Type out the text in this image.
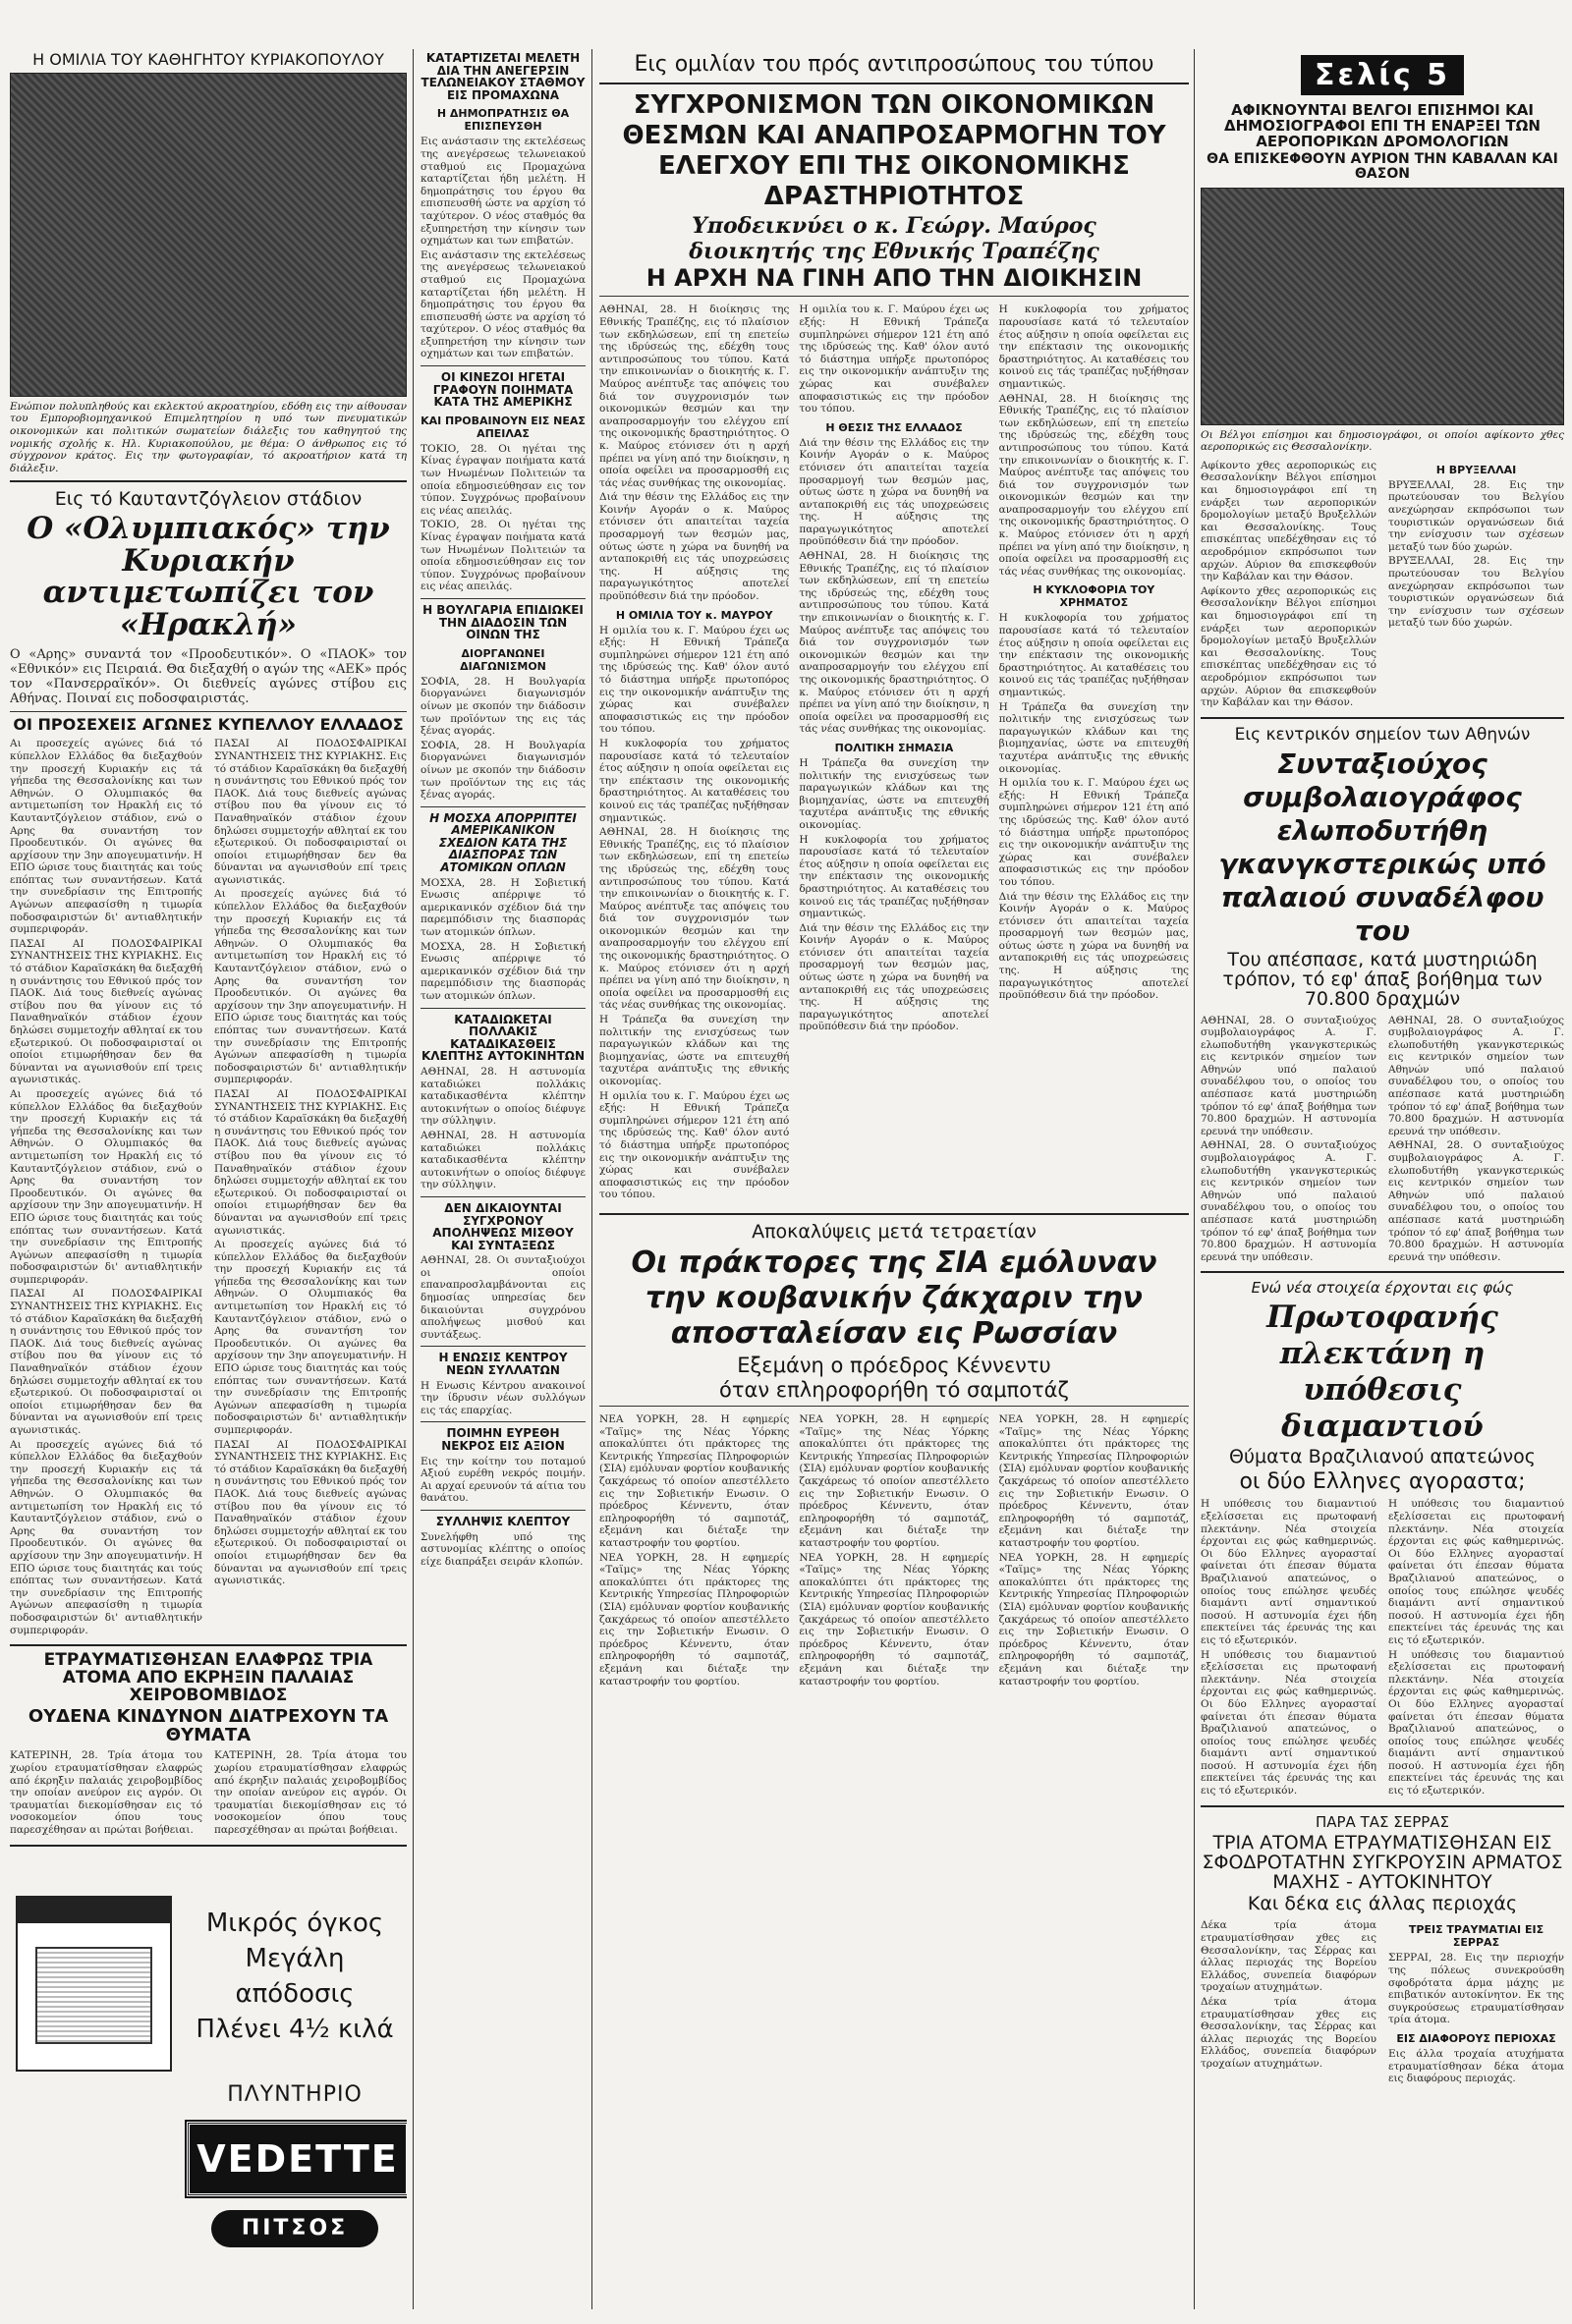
Η ΟΜΙΛΙΑ ΤΟΥ ΚΑΘΗΓΗΤΟΥ ΚΥΡΙΑΚΟΠΟΥΛΟΥ
Ενώπιον πολυπληθούς και εκλεκτού ακροατηρίου, εδόθη εις την αίθουσαν του Εμποροβιομηχανικού Επιμελητηρίου η υπό των πνευματικών οικονομικών και πολιτικών σωματείων διάλεξις του καθηγητού της νομικής σχολής κ. Ηλ. Κυριακοπούλου, με θέμα: Ο άνθρωπος εις τό σύγχρονον κράτος. Εις την φωτογραφίαν, τό ακροατήριον κατά τη διάλεξιν.
Εις τό Καυταντζόγλειον στάδιον
Ο «Ολυμπιακός» την Κυριακήν αντιμετωπίζει τον «Ηρακλή»
Ο «Αρης» συναντά τον «Προοδευτικόν». Ο «ΠΑΟΚ» τον «Εθνικόν» εις Πειραιά. Θα διεξαχθή ο αγών της «ΑΕΚ» πρός τον «Πανσερραϊκόν». Οι διεθνείς αγώνες στίβου εις Αθήνας. Ποιναί εις ποδοσφαιριστάς.
ΟΙ ΠΡΟΣΕΧΕΙΣ ΑΓΩΝΕΣ ΚΥΠΕΛΛΟΥ ΕΛΛΑΔΟΣ
Αι προσεχείς αγώνες διά τό κύπελλον Ελλάδος θα διεξαχθούν την προσεχή Κυριακήν εις τά γήπεδα της Θεσσαλονίκης και των Αθηνών. Ο Ολυμπιακός θα αντιμετωπίση τον Ηρακλή εις τό Καυταντζόγλειον στάδιον, ενώ ο Αρης θα συναντήση τον Προοδευτικόν. Οι αγώνες θα αρχίσουν την 3ην απογευματινήν. Η ΕΠΟ ώρισε τους διαιτητάς και τούς επόπτας των συναντήσεων. Κατά την συνεδρίασιν της Επιτροπής Αγώνων απεφασίσθη η τιμωρία ποδοσφαιριστών δι' αντιαθλητικήν συμπεριφοράν.
ΠΑΣΑΙ ΑΙ ΠΟΔΟΣΦΑΙΡΙΚΑΙ ΣΥΝΑΝΤΗΣΕΙΣ ΤΗΣ ΚΥΡΙΑΚΗΣ. Εις τό στάδιον Καραϊσκάκη θα διεξαχθή η συνάντησις του Εθνικού πρός τον ΠΑΟΚ. Διά τους διεθνείς αγώνας στίβου που θα γίνουν εις τό Παναθηναϊκόν στάδιον έχουν δηλώσει συμμετοχήν αθληταί εκ του εξωτερικού. Οι ποδοσφαιρισταί οι οποίοι ετιμωρήθησαν δεν θα δύνανται να αγωνισθούν επί τρεις αγωνιστικάς.
Αι προσεχείς αγώνες διά τό κύπελλον Ελλάδος θα διεξαχθούν την προσεχή Κυριακήν εις τά γήπεδα της Θεσσαλονίκης και των Αθηνών. Ο Ολυμπιακός θα αντιμετωπίση τον Ηρακλή εις τό Καυταντζόγλειον στάδιον, ενώ ο Αρης θα συναντήση τον Προοδευτικόν. Οι αγώνες θα αρχίσουν την 3ην απογευματινήν. Η ΕΠΟ ώρισε τους διαιτητάς και τούς επόπτας των συναντήσεων. Κατά την συνεδρίασιν της Επιτροπής Αγώνων απεφασίσθη η τιμωρία ποδοσφαιριστών δι' αντιαθλητικήν συμπεριφοράν.
ΠΑΣΑΙ ΑΙ ΠΟΔΟΣΦΑΙΡΙΚΑΙ ΣΥΝΑΝΤΗΣΕΙΣ ΤΗΣ ΚΥΡΙΑΚΗΣ. Εις τό στάδιον Καραϊσκάκη θα διεξαχθή η συνάντησις του Εθνικού πρός τον ΠΑΟΚ. Διά τους διεθνείς αγώνας στίβου που θα γίνουν εις τό Παναθηναϊκόν στάδιον έχουν δηλώσει συμμετοχήν αθληταί εκ του εξωτερικού. Οι ποδοσφαιρισταί οι οποίοι ετιμωρήθησαν δεν θα δύνανται να αγωνισθούν επί τρεις αγωνιστικάς.
Αι προσεχείς αγώνες διά τό κύπελλον Ελλάδος θα διεξαχθούν την προσεχή Κυριακήν εις τά γήπεδα της Θεσσαλονίκης και των Αθηνών. Ο Ολυμπιακός θα αντιμετωπίση τον Ηρακλή εις τό Καυταντζόγλειον στάδιον, ενώ ο Αρης θα συναντήση τον Προοδευτικόν. Οι αγώνες θα αρχίσουν την 3ην απογευματινήν. Η ΕΠΟ ώρισε τους διαιτητάς και τούς επόπτας των συναντήσεων. Κατά την συνεδρίασιν της Επιτροπής Αγώνων απεφασίσθη η τιμωρία ποδοσφαιριστών δι' αντιαθλητικήν συμπεριφοράν.
ΠΑΣΑΙ ΑΙ ΠΟΔΟΣΦΑΙΡΙΚΑΙ ΣΥΝΑΝΤΗΣΕΙΣ ΤΗΣ ΚΥΡΙΑΚΗΣ. Εις τό στάδιον Καραϊσκάκη θα διεξαχθή η συνάντησις του Εθνικού πρός τον ΠΑΟΚ. Διά τους διεθνείς αγώνας στίβου που θα γίνουν εις τό Παναθηναϊκόν στάδιον έχουν δηλώσει συμμετοχήν αθληταί εκ του εξωτερικού. Οι ποδοσφαιρισταί οι οποίοι ετιμωρήθησαν δεν θα δύνανται να αγωνισθούν επί τρεις αγωνιστικάς.
Αι προσεχείς αγώνες διά τό κύπελλον Ελλάδος θα διεξαχθούν την προσεχή Κυριακήν εις τά γήπεδα της Θεσσαλονίκης και των Αθηνών. Ο Ολυμπιακός θα αντιμετωπίση τον Ηρακλή εις τό Καυταντζόγλειον στάδιον, ενώ ο Αρης θα συναντήση τον Προοδευτικόν. Οι αγώνες θα αρχίσουν την 3ην απογευματινήν. Η ΕΠΟ ώρισε τους διαιτητάς και τούς επόπτας των συναντήσεων. Κατά την συνεδρίασιν της Επιτροπής Αγώνων απεφασίσθη η τιμωρία ποδοσφαιριστών δι' αντιαθλητικήν συμπεριφοράν.
ΠΑΣΑΙ ΑΙ ΠΟΔΟΣΦΑΙΡΙΚΑΙ ΣΥΝΑΝΤΗΣΕΙΣ ΤΗΣ ΚΥΡΙΑΚΗΣ. Εις τό στάδιον Καραϊσκάκη θα διεξαχθή η συνάντησις του Εθνικού πρός τον ΠΑΟΚ. Διά τους διεθνείς αγώνας στίβου που θα γίνουν εις τό Παναθηναϊκόν στάδιον έχουν δηλώσει συμμετοχήν αθληταί εκ του εξωτερικού. Οι ποδοσφαιρισταί οι οποίοι ετιμωρήθησαν δεν θα δύνανται να αγωνισθούν επί τρεις αγωνιστικάς.
Αι προσεχείς αγώνες διά τό κύπελλον Ελλάδος θα διεξαχθούν την προσεχή Κυριακήν εις τά γήπεδα της Θεσσαλονίκης και των Αθηνών. Ο Ολυμπιακός θα αντιμετωπίση τον Ηρακλή εις τό Καυταντζόγλειον στάδιον, ενώ ο Αρης θα συναντήση τον Προοδευτικόν. Οι αγώνες θα αρχίσουν την 3ην απογευματινήν. Η ΕΠΟ ώρισε τους διαιτητάς και τούς επόπτας των συναντήσεων. Κατά την συνεδρίασιν της Επιτροπής Αγώνων απεφασίσθη η τιμωρία ποδοσφαιριστών δι' αντιαθλητικήν συμπεριφοράν.
ΠΑΣΑΙ ΑΙ ΠΟΔΟΣΦΑΙΡΙΚΑΙ ΣΥΝΑΝΤΗΣΕΙΣ ΤΗΣ ΚΥΡΙΑΚΗΣ. Εις τό στάδιον Καραϊσκάκη θα διεξαχθή η συνάντησις του Εθνικού πρός τον ΠΑΟΚ. Διά τους διεθνείς αγώνας στίβου που θα γίνουν εις τό Παναθηναϊκόν στάδιον έχουν δηλώσει συμμετοχήν αθληταί εκ του εξωτερικού. Οι ποδοσφαιρισταί οι οποίοι ετιμωρήθησαν δεν θα δύνανται να αγωνισθούν επί τρεις αγωνιστικάς.
ΕΤΡΑΥΜΑΤΙΣΘΗΣΑΝ ΕΛΑΦΡΩΣ ΤΡΙΑ ΑΤΟΜΑ ΑΠΟ ΕΚΡΗΞΙΝ ΠΑΛΑΙΑΣ ΧΕΙΡΟΒΟΜΒΙΔΟΣ
ΟΥΔΕΝΑ ΚΙΝΔΥΝΟΝ ΔΙΑΤΡΕΧΟΥΝ ΤΑ ΘΥΜΑΤΑ
ΚΑΤΕΡΙΝΗ, 28. Τρία άτομα του χωρίου ετραυματίσθησαν ελαφρώς από έκρηξιν παλαιάς χειροβομβίδος την οποίαν ανεύρον εις αγρόν. Οι τραυματίαι διεκομίσθησαν εις τό νοσοκομείον όπου τους παρεσχέθησαν αι πρώται βοήθειαι.
ΚΑΤΕΡΙΝΗ, 28. Τρία άτομα του χωρίου ετραυματίσθησαν ελαφρώς από έκρηξιν παλαιάς χειροβομβίδος την οποίαν ανεύρον εις αγρόν. Οι τραυματίαι διεκομίσθησαν εις τό νοσοκομείον όπου τους παρεσχέθησαν αι πρώται βοήθειαι.
Μικρός όγκος
Μεγάλη απόδοσις
Πλένει 4½ κιλά
ΠΛΥΝΤΗΡΙΟ
VEDETTE
ΠΙΤΣΟΣ
ΚΑΤΑΡΤΙΖΕΤΑΙ ΜΕΛΕΤΗ ΔΙΑ ΤΗΝ ΑΝΕΓΕΡΣΙΝ ΤΕΛΩΝΕΙΑΚΟΥ ΣΤΑΘΜΟΥ ΕΙΣ ΠΡΟΜΑΧΩΝΑ
Η ΔΗΜΟΠΡΑΤΗΣΙΣ ΘΑ ΕΠΙΣΠΕΥΣΘΗ
Εις ανάστασιν της εκτελέσεως της ανεγέρσεως τελωνειακού σταθμού εις Προμαχώνα καταρτίζεται ήδη μελέτη. Η δημοπράτησις του έργου θα επισπευσθή ώστε να αρχίση τό ταχύτερον. Ο νέος σταθμός θα εξυπηρετήση την κίνησιν των οχημάτων και των επιβατών.
Εις ανάστασιν της εκτελέσεως της ανεγέρσεως τελωνειακού σταθμού εις Προμαχώνα καταρτίζεται ήδη μελέτη. Η δημοπράτησις του έργου θα επισπευσθή ώστε να αρχίση τό ταχύτερον. Ο νέος σταθμός θα εξυπηρετήση την κίνησιν των οχημάτων και των επιβατών.
ΟΙ ΚΙΝΕΖΟΙ ΗΓΕΤΑΙ ΓΡΑΦΟΥΝ ΠΟΙΗΜΑΤΑ ΚΑΤΑ ΤΗΣ ΑΜΕΡΙΚΗΣ
ΚΑΙ ΠΡΟΒΑΙΝΟΥΝ ΕΙΣ ΝΕΑΣ ΑΠΕΙΛΑΣ
ΤΟΚΙΟ, 28. Οι ηγέται της Κίνας έγραψαν ποιήματα κατά των Ηνωμένων Πολιτειών τα οποία εδημοσιεύθησαν εις τον τύπον. Συγχρόνως προβαίνουν εις νέας απειλάς.
ΤΟΚΙΟ, 28. Οι ηγέται της Κίνας έγραψαν ποιήματα κατά των Ηνωμένων Πολιτειών τα οποία εδημοσιεύθησαν εις τον τύπον. Συγχρόνως προβαίνουν εις νέας απειλάς.
Η ΒΟΥΛΓΑΡΙΑ ΕΠΙΔΙΩΚΕΙ ΤΗΝ ΔΙΑΔΟΣΙΝ ΤΩΝ ΟΙΝΩΝ ΤΗΣ
ΔΙΟΡΓΑΝΩΝΕΙ ΔΙΑΓΩΝΙΣΜΟΝ
ΣΟΦΙΑ, 28. Η Βουλγαρία διοργανώνει διαγωνισμόν οίνων με σκοπόν την διάδοσιν των προϊόντων της εις τάς ξένας αγοράς.
ΣΟΦΙΑ, 28. Η Βουλγαρία διοργανώνει διαγωνισμόν οίνων με σκοπόν την διάδοσιν των προϊόντων της εις τάς ξένας αγοράς.
Η ΜΟΣΧΑ ΑΠΟΡΡΙΠΤΕΙ ΑΜΕΡΙΚΑΝΙΚΟΝ ΣΧΕΔΙΟΝ ΚΑΤΑ ΤΗΣ ΔΙΑΣΠΟΡΑΣ ΤΩΝ ΑΤΟΜΙΚΩΝ ΟΠΛΩΝ
ΜΟΣΧΑ, 28. Η Σοβιετική Ενωσις απέρριψε τό αμερικανικόν σχέδιον διά την παρεμπόδισιν της διασποράς των ατομικών όπλων.
ΜΟΣΧΑ, 28. Η Σοβιετική Ενωσις απέρριψε τό αμερικανικόν σχέδιον διά την παρεμπόδισιν της διασποράς των ατομικών όπλων.
ΚΑΤΑΔΙΩΚΕΤΑΙ ΠΟΛΛΑΚΙΣ ΚΑΤΑΔΙΚΑΣΘΕΙΣ ΚΛΕΠΤΗΣ ΑΥΤΟΚΙΝΗΤΩΝ
ΑΘΗΝΑΙ, 28. Η αστυνομία καταδιώκει πολλάκις καταδικασθέντα κλέπτην αυτοκινήτων ο οποίος διέφυγε την σύλληψιν.
ΑΘΗΝΑΙ, 28. Η αστυνομία καταδιώκει πολλάκις καταδικασθέντα κλέπτην αυτοκινήτων ο οποίος διέφυγε την σύλληψιν.
ΔΕΝ ΔΙΚΑΙΟΥΝΤΑΙ ΣΥΓΧΡΟΝΟΥ ΑΠΟΛΗΨΕΩΣ ΜΙΣΘΟΥ ΚΑΙ ΣΥΝΤΑΞΕΩΣ
ΑΘΗΝΑΙ, 28. Οι συνταξιούχοι οι οποίοι επαναπροσλαμβάνονται εις δημοσίας υπηρεσίας δεν δικαιούνται συγχρόνου απολήψεως μισθού και συντάξεως.
Η ΕΝΩΣΙΣ ΚΕΝΤΡΟΥ ΝΕΩΝ ΣΥΛΛΑΤΩΝ
Η Ενωσις Κέντρου ανακοινοί την ίδρυσιν νέων συλλόγων εις τάς επαρχίας.
ΠΟΙΜΗΝ ΕΥΡΕΘΗ ΝΕΚΡΟΣ ΕΙΣ ΑΞΙΟΝ
Εις την κοίτην του ποταμού Αξιού ευρέθη νεκρός ποιμήν. Αι αρχαί ερευνούν τά αίτια του θανάτου.
ΣΥΛΛΗΨΙΣ ΚΛΕΠΤΟΥ
Συνελήφθη υπό της αστυνομίας κλέπτης ο οποίος είχε διαπράξει σειράν κλοπών.
Εις ομιλίαν του πρός αντιπροσώπους του τύπου
ΣΥΓΧΡΟΝΙΣΜΟΝ ΤΩΝ ΟΙΚΟΝΟΜΙΚΩΝ ΘΕΣΜΩΝ ΚΑΙ ΑΝΑΠΡΟΣΑΡΜΟΓΗΝ ΤΟΥ ΕΛΕΓΧΟΥ ΕΠΙ ΤΗΣ ΟΙΚΟΝΟΜΙΚΗΣ ΔΡΑΣΤΗΡΙΟΤΗΤΟΣ
Υποδεικνύει ο κ. Γεώργ. Μαύρος
διοικητής της Εθνικής Τραπέζης
Η ΑΡΧΗ ΝΑ ΓΙΝΗ ΑΠΟ ΤΗΝ ΔΙΟΙΚΗΣΙΝ
ΑΘΗΝΑΙ, 28. Η διοίκησις της Εθνικής Τραπέζης, εις τό πλαίσιον των εκδηλώσεων, επί τη επετείω της ιδρύσεώς της, εδέχθη τους αντιπροσώπους του τύπου. Κατά την επικοινωνίαν ο διοικητής κ. Γ. Μαύρος ανέπτυξε τας απόψεις του διά τον συγχρονισμόν των οικονομικών θεσμών και την αναπροσαρμογήν του ελέγχου επί της οικονομικής δραστηριότητος. Ο κ. Μαύρος ετόνισεν ότι η αρχή πρέπει να γίνη από την διοίκησιν, η οποία οφείλει να προσαρμοσθή εις τάς νέας συνθήκας της οικονομίας.
Διά την θέσιν της Ελλάδος εις την Κοινήν Αγοράν ο κ. Μαύρος ετόνισεν ότι απαιτείται ταχεία προσαρμογή των θεσμών μας, ούτως ώστε η χώρα να δυνηθή να ανταποκριθή εις τάς υποχρεώσεις της. Η αύξησις της παραγωγικότητος αποτελεί προϋπόθεσιν διά την πρόοδον.
Η ΟΜΙΛΙΑ ΤΟΥ κ. ΜΑΥΡΟΥ
Η ομιλία του κ. Γ. Μαύρου έχει ως εξής: Η Εθνική Τράπεζα συμπληρώνει σήμερον 121 έτη από της ιδρύσεώς της. Καθ' όλον αυτό τό διάστημα υπήρξε πρωτοπόρος εις την οικονομικήν ανάπτυξιν της χώρας και συνέβαλεν αποφασιστικώς εις την πρόοδον του τόπου.
Η κυκλοφορία του χρήματος παρουσίασε κατά τό τελευταίον έτος αύξησιν η οποία οφείλεται εις την επέκτασιν της οικονομικής δραστηριότητος. Αι καταθέσεις του κοινού εις τάς τραπέζας ηυξήθησαν σημαντικώς.
ΑΘΗΝΑΙ, 28. Η διοίκησις της Εθνικής Τραπέζης, εις τό πλαίσιον των εκδηλώσεων, επί τη επετείω της ιδρύσεώς της, εδέχθη τους αντιπροσώπους του τύπου. Κατά την επικοινωνίαν ο διοικητής κ. Γ. Μαύρος ανέπτυξε τας απόψεις του διά τον συγχρονισμόν των οικονομικών θεσμών και την αναπροσαρμογήν του ελέγχου επί της οικονομικής δραστηριότητος. Ο κ. Μαύρος ετόνισεν ότι η αρχή πρέπει να γίνη από την διοίκησιν, η οποία οφείλει να προσαρμοσθή εις τάς νέας συνθήκας της οικονομίας.
Η Τράπεζα θα συνεχίση την πολιτικήν της ενισχύσεως των παραγωγικών κλάδων και της βιομηχανίας, ώστε να επιτευχθή ταχυτέρα ανάπτυξις της εθνικής οικονομίας.
Η ομιλία του κ. Γ. Μαύρου έχει ως εξής: Η Εθνική Τράπεζα συμπληρώνει σήμερον 121 έτη από της ιδρύσεώς της. Καθ' όλον αυτό τό διάστημα υπήρξε πρωτοπόρος εις την οικονομικήν ανάπτυξιν της χώρας και συνέβαλεν αποφασιστικώς εις την πρόοδον του τόπου.
Η ομιλία του κ. Γ. Μαύρου έχει ως εξής: Η Εθνική Τράπεζα συμπληρώνει σήμερον 121 έτη από της ιδρύσεώς της. Καθ' όλον αυτό τό διάστημα υπήρξε πρωτοπόρος εις την οικονομικήν ανάπτυξιν της χώρας και συνέβαλεν αποφασιστικώς εις την πρόοδον του τόπου.
Η ΘΕΣΙΣ ΤΗΣ ΕΛΛΑΔΟΣ
Διά την θέσιν της Ελλάδος εις την Κοινήν Αγοράν ο κ. Μαύρος ετόνισεν ότι απαιτείται ταχεία προσαρμογή των θεσμών μας, ούτως ώστε η χώρα να δυνηθή να ανταποκριθή εις τάς υποχρεώσεις της. Η αύξησις της παραγωγικότητος αποτελεί προϋπόθεσιν διά την πρόοδον.
ΑΘΗΝΑΙ, 28. Η διοίκησις της Εθνικής Τραπέζης, εις τό πλαίσιον των εκδηλώσεων, επί τη επετείω της ιδρύσεώς της, εδέχθη τους αντιπροσώπους του τύπου. Κατά την επικοινωνίαν ο διοικητής κ. Γ. Μαύρος ανέπτυξε τας απόψεις του διά τον συγχρονισμόν των οικονομικών θεσμών και την αναπροσαρμογήν του ελέγχου επί της οικονομικής δραστηριότητος. Ο κ. Μαύρος ετόνισεν ότι η αρχή πρέπει να γίνη από την διοίκησιν, η οποία οφείλει να προσαρμοσθή εις τάς νέας συνθήκας της οικονομίας.
ΠΟΛΙΤΙΚΗ ΣΗΜΑΣΙΑ
Η Τράπεζα θα συνεχίση την πολιτικήν της ενισχύσεως των παραγωγικών κλάδων και της βιομηχανίας, ώστε να επιτευχθή ταχυτέρα ανάπτυξις της εθνικής οικονομίας.
Η κυκλοφορία του χρήματος παρουσίασε κατά τό τελευταίον έτος αύξησιν η οποία οφείλεται εις την επέκτασιν της οικονομικής δραστηριότητος. Αι καταθέσεις του κοινού εις τάς τραπέζας ηυξήθησαν σημαντικώς.
Διά την θέσιν της Ελλάδος εις την Κοινήν Αγοράν ο κ. Μαύρος ετόνισεν ότι απαιτείται ταχεία προσαρμογή των θεσμών μας, ούτως ώστε η χώρα να δυνηθή να ανταποκριθή εις τάς υποχρεώσεις της. Η αύξησις της παραγωγικότητος αποτελεί προϋπόθεσιν διά την πρόοδον.
Η κυκλοφορία του χρήματος παρουσίασε κατά τό τελευταίον έτος αύξησιν η οποία οφείλεται εις την επέκτασιν της οικονομικής δραστηριότητος. Αι καταθέσεις του κοινού εις τάς τραπέζας ηυξήθησαν σημαντικώς.
ΑΘΗΝΑΙ, 28. Η διοίκησις της Εθνικής Τραπέζης, εις τό πλαίσιον των εκδηλώσεων, επί τη επετείω της ιδρύσεώς της, εδέχθη τους αντιπροσώπους του τύπου. Κατά την επικοινωνίαν ο διοικητής κ. Γ. Μαύρος ανέπτυξε τας απόψεις του διά τον συγχρονισμόν των οικονομικών θεσμών και την αναπροσαρμογήν του ελέγχου επί της οικονομικής δραστηριότητος. Ο κ. Μαύρος ετόνισεν ότι η αρχή πρέπει να γίνη από την διοίκησιν, η οποία οφείλει να προσαρμοσθή εις τάς νέας συνθήκας της οικονομίας.
Η ΚΥΚΛΟΦΟΡΙΑ ΤΟΥ ΧΡΗΜΑΤΟΣ
Η κυκλοφορία του χρήματος παρουσίασε κατά τό τελευταίον έτος αύξησιν η οποία οφείλεται εις την επέκτασιν της οικονομικής δραστηριότητος. Αι καταθέσεις του κοινού εις τάς τραπέζας ηυξήθησαν σημαντικώς.
Η Τράπεζα θα συνεχίση την πολιτικήν της ενισχύσεως των παραγωγικών κλάδων και της βιομηχανίας, ώστε να επιτευχθή ταχυτέρα ανάπτυξις της εθνικής οικονομίας.
Η ομιλία του κ. Γ. Μαύρου έχει ως εξής: Η Εθνική Τράπεζα συμπληρώνει σήμερον 121 έτη από της ιδρύσεώς της. Καθ' όλον αυτό τό διάστημα υπήρξε πρωτοπόρος εις την οικονομικήν ανάπτυξιν της χώρας και συνέβαλεν αποφασιστικώς εις την πρόοδον του τόπου.
Διά την θέσιν της Ελλάδος εις την Κοινήν Αγοράν ο κ. Μαύρος ετόνισεν ότι απαιτείται ταχεία προσαρμογή των θεσμών μας, ούτως ώστε η χώρα να δυνηθή να ανταποκριθή εις τάς υποχρεώσεις της. Η αύξησις της παραγωγικότητος αποτελεί προϋπόθεσιν διά την πρόοδον.
Αποκαλύψεις μετά τετραετίαν
Οι πράκτορες της ΣΙΑ εμόλυναν την κουβανικήν ζάκχαριν την αποσταλείσαν εις Ρωσσίαν
Εξεμάνη ο πρόεδρος Κέννεντυ
όταν επληροφορήθη τό σαμποτάζ
ΝΕΑ ΥΟΡΚΗ, 28. Η εφημερίς «Ταϊμς» της Νέας Υόρκης αποκαλύπτει ότι πράκτορες της Κεντρικής Υπηρεσίας Πληροφοριών (ΣΙΑ) εμόλυναν φορτίον κουβανικής ζακχάρεως τό οποίον απεστέλλετο εις την Σοβιετικήν Ενωσιν. Ο πρόεδρος Κέννεντυ, όταν επληροφορήθη τό σαμποτάζ, εξεμάνη και διέταξε την καταστροφήν του φορτίου.
ΝΕΑ ΥΟΡΚΗ, 28. Η εφημερίς «Ταϊμς» της Νέας Υόρκης αποκαλύπτει ότι πράκτορες της Κεντρικής Υπηρεσίας Πληροφοριών (ΣΙΑ) εμόλυναν φορτίον κουβανικής ζακχάρεως τό οποίον απεστέλλετο εις την Σοβιετικήν Ενωσιν. Ο πρόεδρος Κέννεντυ, όταν επληροφορήθη τό σαμποτάζ, εξεμάνη και διέταξε την καταστροφήν του φορτίου.
ΝΕΑ ΥΟΡΚΗ, 28. Η εφημερίς «Ταϊμς» της Νέας Υόρκης αποκαλύπτει ότι πράκτορες της Κεντρικής Υπηρεσίας Πληροφοριών (ΣΙΑ) εμόλυναν φορτίον κουβανικής ζακχάρεως τό οποίον απεστέλλετο εις την Σοβιετικήν Ενωσιν. Ο πρόεδρος Κέννεντυ, όταν επληροφορήθη τό σαμποτάζ, εξεμάνη και διέταξε την καταστροφήν του φορτίου.
ΝΕΑ ΥΟΡΚΗ, 28. Η εφημερίς «Ταϊμς» της Νέας Υόρκης αποκαλύπτει ότι πράκτορες της Κεντρικής Υπηρεσίας Πληροφοριών (ΣΙΑ) εμόλυναν φορτίον κουβανικής ζακχάρεως τό οποίον απεστέλλετο εις την Σοβιετικήν Ενωσιν. Ο πρόεδρος Κέννεντυ, όταν επληροφορήθη τό σαμποτάζ, εξεμάνη και διέταξε την καταστροφήν του φορτίου.
ΝΕΑ ΥΟΡΚΗ, 28. Η εφημερίς «Ταϊμς» της Νέας Υόρκης αποκαλύπτει ότι πράκτορες της Κεντρικής Υπηρεσίας Πληροφοριών (ΣΙΑ) εμόλυναν φορτίον κουβανικής ζακχάρεως τό οποίον απεστέλλετο εις την Σοβιετικήν Ενωσιν. Ο πρόεδρος Κέννεντυ, όταν επληροφορήθη τό σαμποτάζ, εξεμάνη και διέταξε την καταστροφήν του φορτίου.
ΝΕΑ ΥΟΡΚΗ, 28. Η εφημερίς «Ταϊμς» της Νέας Υόρκης αποκαλύπτει ότι πράκτορες της Κεντρικής Υπηρεσίας Πληροφοριών (ΣΙΑ) εμόλυναν φορτίον κουβανικής ζακχάρεως τό οποίον απεστέλλετο εις την Σοβιετικήν Ενωσιν. Ο πρόεδρος Κέννεντυ, όταν επληροφορήθη τό σαμποτάζ, εξεμάνη και διέταξε την καταστροφήν του φορτίου.
Σελίς 5
ΑΦΙΚΝΟΥΝΤΑΙ ΒΕΛΓΟΙ ΕΠΙΣΗΜΟΙ ΚΑΙ ΔΗΜΟΣΙΟΓΡΑΦΟΙ ΕΠΙ ΤΗ ΕΝΑΡΞΕΙ ΤΩΝ ΑΕΡΟΠΟΡΙΚΩΝ ΔΡΟΜΟΛΟΓΙΩΝ
ΘΑ ΕΠΙΣΚΕΦΘΟΥΝ ΑΥΡΙΟΝ ΤΗΝ ΚΑΒΑΛΑΝ ΚΑΙ ΘΑΣΟΝ
Οι Βέλγοι επίσημοι και δημοσιογράφοι, οι οποίοι αφίκοντο χθες αεροπορικώς εις Θεσσαλονίκην.
Αφίκοντο χθες αεροπορικώς εις Θεσσαλονίκην Βέλγοι επίσημοι και δημοσιογράφοι επί τη ενάρξει των αεροπορικών δρομολογίων μεταξύ Βρυξελλών και Θεσσαλονίκης. Τους επισκέπτας υπεδέχθησαν εις τό αεροδρόμιον εκπρόσωποι των αρχών. Αύριον θα επισκεφθούν την Καβάλαν και την Θάσον.
Αφίκοντο χθες αεροπορικώς εις Θεσσαλονίκην Βέλγοι επίσημοι και δημοσιογράφοι επί τη ενάρξει των αεροπορικών δρομολογίων μεταξύ Βρυξελλών και Θεσσαλονίκης. Τους επισκέπτας υπεδέχθησαν εις τό αεροδρόμιον εκπρόσωποι των αρχών. Αύριον θα επισκεφθούν την Καβάλαν και την Θάσον.
Η ΒΡΥΞΕΛΛΑΙ
ΒΡΥΞΕΛΛΑΙ, 28. Εις την πρωτεύουσαν του Βελγίου ανεχώρησαν εκπρόσωποι των τουριστικών οργανώσεων διά την ενίσχυσιν των σχέσεων μεταξύ των δύο χωρών.
ΒΡΥΞΕΛΛΑΙ, 28. Εις την πρωτεύουσαν του Βελγίου ανεχώρησαν εκπρόσωποι των τουριστικών οργανώσεων διά την ενίσχυσιν των σχέσεων μεταξύ των δύο χωρών.
Εις κεντρικόν σημείον των Αθηνών
Συνταξιούχος συμβολαιογράφος ελωποδυτήθη γκανγκστερικώς υπό παλαιού συναδέλφου του
Του απέσπασε, κατά μυστηριώδη τρόπον, τό εφ' άπαξ βοήθημα των 70.800 δραχμών
ΑΘΗΝΑΙ, 28. Ο συνταξιούχος συμβολαιογράφος Α. Γ. ελωποδυτήθη γκανγκστερικώς εις κεντρικόν σημείον των Αθηνών υπό παλαιού συναδέλφου του, ο οποίος του απέσπασε κατά μυστηριώδη τρόπον τό εφ' άπαξ βοήθημα των 70.800 δραχμών. Η αστυνομία ερευνά την υπόθεσιν.
ΑΘΗΝΑΙ, 28. Ο συνταξιούχος συμβολαιογράφος Α. Γ. ελωποδυτήθη γκανγκστερικώς εις κεντρικόν σημείον των Αθηνών υπό παλαιού συναδέλφου του, ο οποίος του απέσπασε κατά μυστηριώδη τρόπον τό εφ' άπαξ βοήθημα των 70.800 δραχμών. Η αστυνομία ερευνά την υπόθεσιν.
ΑΘΗΝΑΙ, 28. Ο συνταξιούχος συμβολαιογράφος Α. Γ. ελωποδυτήθη γκανγκστερικώς εις κεντρικόν σημείον των Αθηνών υπό παλαιού συναδέλφου του, ο οποίος του απέσπασε κατά μυστηριώδη τρόπον τό εφ' άπαξ βοήθημα των 70.800 δραχμών. Η αστυνομία ερευνά την υπόθεσιν.
ΑΘΗΝΑΙ, 28. Ο συνταξιούχος συμβολαιογράφος Α. Γ. ελωποδυτήθη γκανγκστερικώς εις κεντρικόν σημείον των Αθηνών υπό παλαιού συναδέλφου του, ο οποίος του απέσπασε κατά μυστηριώδη τρόπον τό εφ' άπαξ βοήθημα των 70.800 δραχμών. Η αστυνομία ερευνά την υπόθεσιν.
Ενώ νέα στοιχεία έρχονται εις φώς
Πρωτοφανής πλεκτάνη η υπόθεσις διαμαντιού
Θύματα Βραζιλιανού απατεώνος
οι δύο Ελληνες αγοραστα;
Η υπόθεσις του διαμαντιού εξελίσσεται εις πρωτοφανή πλεκτάνην. Νέα στοιχεία έρχονται εις φώς καθημερινώς. Οι δύο Ελληνες αγορασταί φαίνεται ότι έπεσαν θύματα Βραζιλιανού απατεώνος, ο οποίος τους επώλησε ψευδές διαμάντι αντί σημαντικού ποσού. Η αστυνομία έχει ήδη επεκτείνει τάς έρευνάς της και εις τό εξωτερικόν.
Η υπόθεσις του διαμαντιού εξελίσσεται εις πρωτοφανή πλεκτάνην. Νέα στοιχεία έρχονται εις φώς καθημερινώς. Οι δύο Ελληνες αγορασταί φαίνεται ότι έπεσαν θύματα Βραζιλιανού απατεώνος, ο οποίος τους επώλησε ψευδές διαμάντι αντί σημαντικού ποσού. Η αστυνομία έχει ήδη επεκτείνει τάς έρευνάς της και εις τό εξωτερικόν.
Η υπόθεσις του διαμαντιού εξελίσσεται εις πρωτοφανή πλεκτάνην. Νέα στοιχεία έρχονται εις φώς καθημερινώς. Οι δύο Ελληνες αγορασταί φαίνεται ότι έπεσαν θύματα Βραζιλιανού απατεώνος, ο οποίος τους επώλησε ψευδές διαμάντι αντί σημαντικού ποσού. Η αστυνομία έχει ήδη επεκτείνει τάς έρευνάς της και εις τό εξωτερικόν.
Η υπόθεσις του διαμαντιού εξελίσσεται εις πρωτοφανή πλεκτάνην. Νέα στοιχεία έρχονται εις φώς καθημερινώς. Οι δύο Ελληνες αγορασταί φαίνεται ότι έπεσαν θύματα Βραζιλιανού απατεώνος, ο οποίος τους επώλησε ψευδές διαμάντι αντί σημαντικού ποσού. Η αστυνομία έχει ήδη επεκτείνει τάς έρευνάς της και εις τό εξωτερικόν.
ΠΑΡΑ ΤΑΣ ΣΕΡΡΑΣ
ΤΡΙΑ ΑΤΟΜΑ ΕΤΡΑΥΜΑΤΙΣΘΗΣΑΝ ΕΙΣ ΣΦΟΔΡΟΤΑΤΗΝ ΣΥΓΚΡΟΥΣΙΝ ΑΡΜΑΤΟΣ ΜΑΧΗΣ - ΑΥΤΟΚΙΝΗΤΟΥ
Και δέκα εις άλλας περιοχάς
Δέκα τρία άτομα ετραυματίσθησαν χθες εις Θεσσαλονίκην, τας Σέρρας και άλλας περιοχάς της Βορείου Ελλάδος, συνεπεία διαφόρων τροχαίων ατυχημάτων.
Δέκα τρία άτομα ετραυματίσθησαν χθες εις Θεσσαλονίκην, τας Σέρρας και άλλας περιοχάς της Βορείου Ελλάδος, συνεπεία διαφόρων τροχαίων ατυχημάτων.
ΤΡΕΙΣ ΤΡΑΥΜΑΤΙΑΙ ΕΙΣ ΣΕΡΡΑΣ
ΣΕΡΡΑΙ, 28. Εις την περιοχήν της πόλεως συνεκρούσθη σφοδρότατα άρμα μάχης με επιβατικόν αυτοκίνητον. Εκ της συγκρούσεως ετραυματίσθησαν τρία άτομα.
ΕΙΣ ΔΙΑΦΟΡΟΥΣ ΠΕΡΙΟΧΑΣ
Εις άλλα τροχαία ατυχήματα ετραυματίσθησαν δέκα άτομα εις διαφόρους περιοχάς.
